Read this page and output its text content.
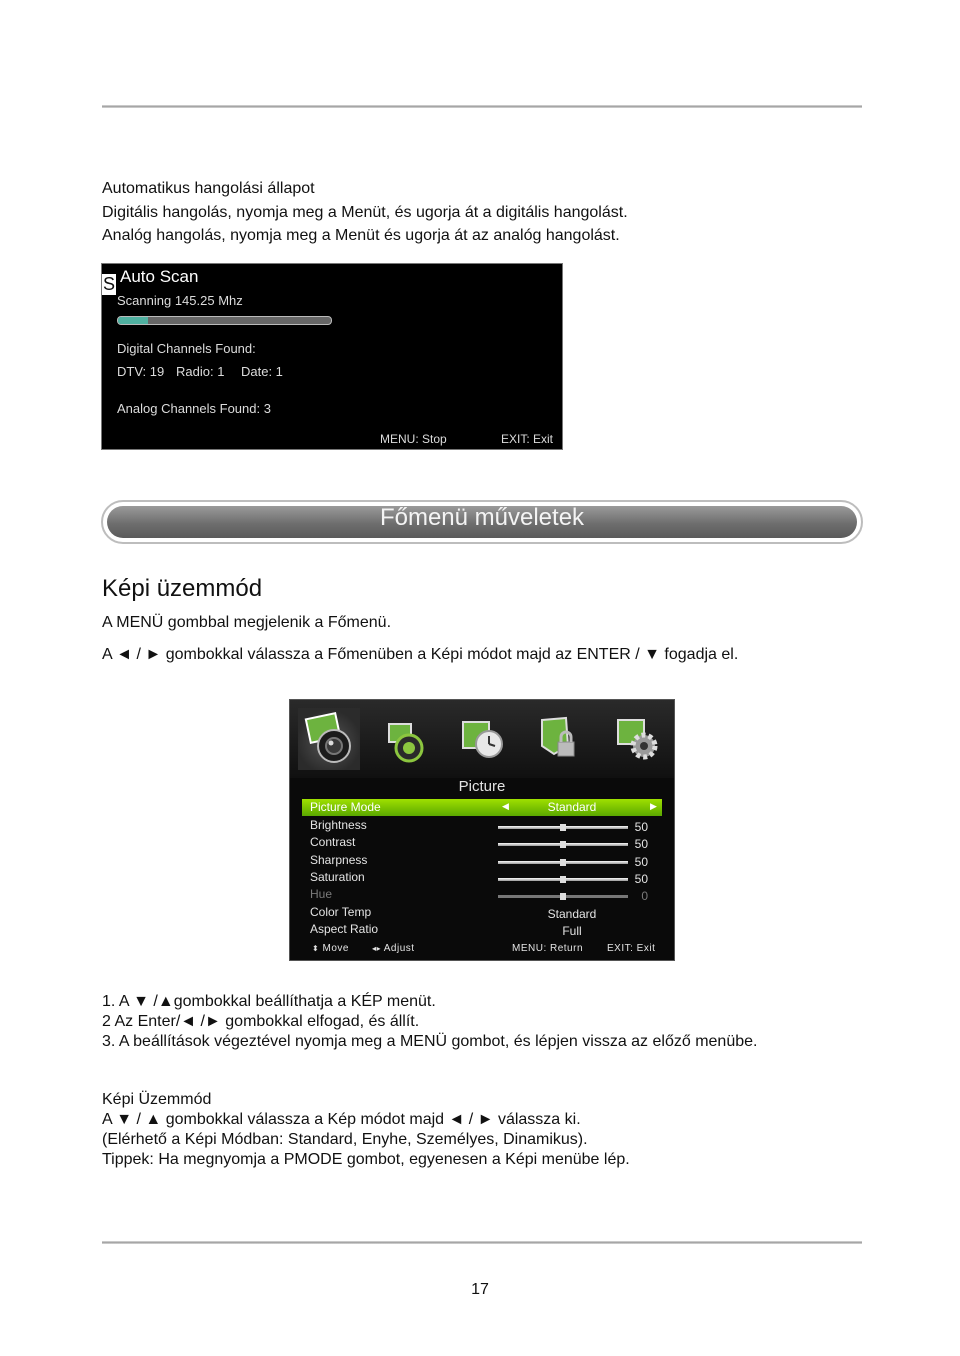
Automatikus hangolási állapot

Digitális hangolás, nyomja meg a Menüt, és ugorja át a digitális hangolást.

Analóg hangolás, nyomja meg a Menüt és ugorja át az analóg hangolást.

S Auto Scan
Scanning 145.25 Mhz
Digital Channels Found:
DTV: 19 Radio: 1 Date: 1
Analog Channels Found: 3
MENU: Stop	EXIT: Exit
Főmenü műveletek
Képi üzemmód

A MENÜ gombbal megjelenik a Főmenü.

A ◄ / ► gombokkal válassza a Főmenüben a Képi módot majd az ENTER / ▼ fogadja el.

Picture
Picture Mode	◀	Standard	▶
Brightness	50
Contrast	50
Sharpness	50
Saturation	50
Hue	0
Color Temp	Standard
Aspect Ratio	Full
⬍ Move	◂▸ Adjust	MENU: Return EXIT: Exit

1. A ▼ /▲gombokkal beállíthatja a KÉP menüt.

2 Az Enter/◄ /► gombokkal elfogad, és állít.

3. A beállítások végeztével nyomja meg a MENÜ gombot, és lépjen vissza az előző menübe.

Képi Üzemmód

A ▼ / ▲ gombokkal válassza a Kép módot majd ◄ / ► válassza ki.

(Elérhető a Képi Módban: Standard, Enyhe, Személyes, Dinamikus).

Tippek: Ha megnyomja a PMODE gombot, egyenesen a Képi menübe lép.

17
